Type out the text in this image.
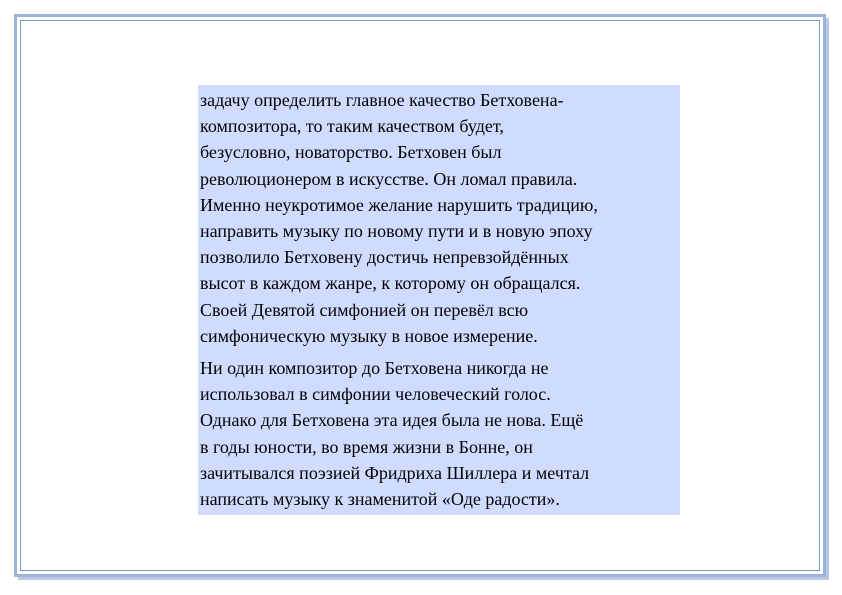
задачу определить главное качество Бетховена-
композитора, то таким качеством будет,
безусловно, новаторство. Бетховен был
революционером в искусстве. Он ломал правила.
Именно неукротимое желание нарушить традицию,
направить музыку по новому пути и в новую эпоху
позволило Бетховену достичь непревзойдённых
высот в каждом жанре, к которому он обращался.
Своей Девятой симфонией он перевёл всю
симфоническую музыку в новое измерение.

Ни один композитор до Бетховена никогда не
использовал в симфонии человеческий голос.
Однако для Бетховена эта идея была не нова. Ещё
в годы юности, во время жизни в Бонне, он
зачитывался поэзией Фридриха Шиллера и мечтал
написать музыку к знаменитой «Оде радости».
